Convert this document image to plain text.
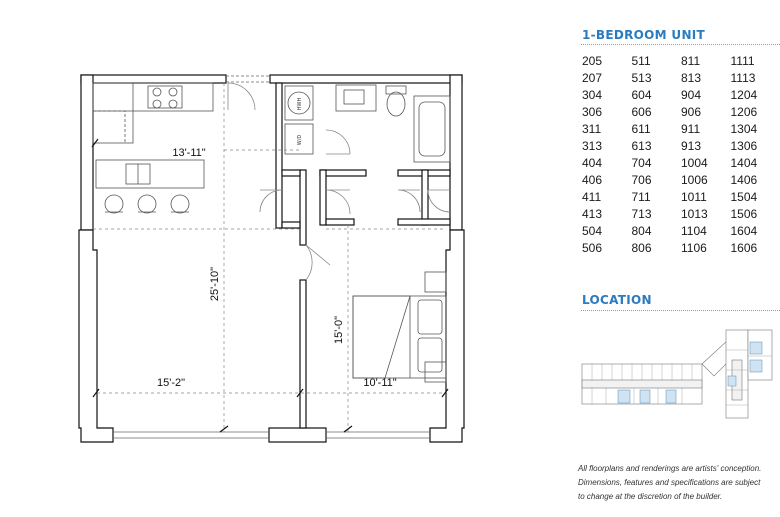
HWH
W/D
13'-11"
25'-10"
15'-0"
15'-2"	10'-11"
1-BEDROOM UNIT
205	511	811	1111
207	513	813	1113
304	604	904	1204
306	606	906	1206
311	611	911	1304
313	613	913	1306
404	704	1004	1404
406	706	1006	1406
411	711	1011	1504
413	713	1013	1506
504	804	1104	1604
506	806	1106	1606
LOCATION
All floorplans and renderings are artists' conception.
Dimensions, features and specifications are subject
to change at the discretion of the builder.
